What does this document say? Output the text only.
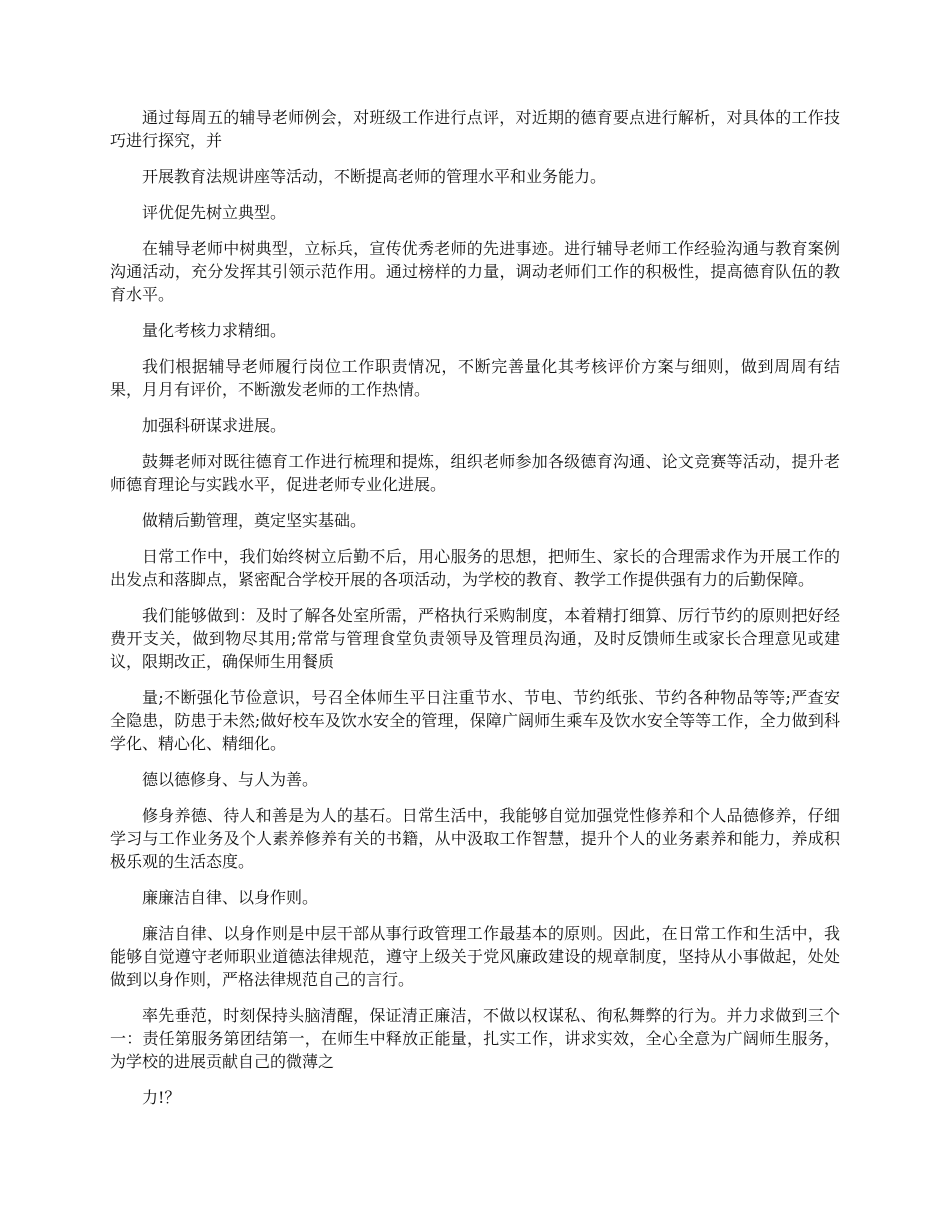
通过每周五的辅导老师例会，对班级工作进行点评，对近期的德育要点进行解析，对具体的工作技巧进行探究，并

开展教育法规讲座等活动，不断提高老师的管理水平和业务能力。

评优促先树立典型。

在辅导老师中树典型，立标兵，宣传优秀老师的先进事迹。进行辅导老师工作经验沟通与教育案例沟通活动，充分发挥其引领示范作用。通过榜样的力量，调动老师们工作的积极性，提高德育队伍的教育水平。

量化考核力求精细。

我们根据辅导老师履行岗位工作职责情况，不断完善量化其考核评价方案与细则，做到周周有结果，月月有评价，不断激发老师的工作热情。

加强科研谋求进展。

鼓舞老师对既往德育工作进行梳理和提炼，组织老师参加各级德育沟通、论文竞赛等活动，提升老师德育理论与实践水平，促进老师专业化进展。

做精后勤管理，奠定坚实基础。

日常工作中，我们始终树立后勤不后，用心服务的思想，把师生、家长的合理需求作为开展工作的出发点和落脚点，紧密配合学校开展的各项活动，为学校的教育、教学工作提供强有力的后勤保障。

我们能够做到：及时了解各处室所需，严格执行采购制度，本着精打细算、厉行节约的原则把好经费开支关，做到物尽其用;常常与管理食堂负责领导及管理员沟通，及时反馈师生或家长合理意见或建议，限期改正，确保师生用餐质

量;不断强化节俭意识，号召全体师生平日注重节水、节电、节约纸张、节约各种物品等等;严查安全隐患，防患于未然;做好校车及饮水安全的管理，保障广阔师生乘车及饮水安全等等工作，全力做到科学化、精心化、精细化。

德以德修身、与人为善。

修身养德、待人和善是为人的基石。日常生活中，我能够自觉加强党性修养和个人品德修养，仔细学习与工作业务及个人素养修养有关的书籍，从中汲取工作智慧，提升个人的业务素养和能力，养成积极乐观的生活态度。

廉廉洁自律、以身作则。

廉洁自律、以身作则是中层干部从事行政管理工作最基本的原则。因此，在日常工作和生活中，我能够自觉遵守老师职业道德法律规范，遵守上级关于党风廉政建设的规章制度，坚持从小事做起，处处做到以身作则，严格法律规范自己的言行。

率先垂范，时刻保持头脑清醒，保证清正廉洁，不做以权谋私、徇私舞弊的行为。并力求做到三个一：责任第服务第团结第一，在师生中释放正能量，扎实工作，讲求实效，全心全意为广阔师生服务，为学校的进展贡献自己的微薄之

力!？
